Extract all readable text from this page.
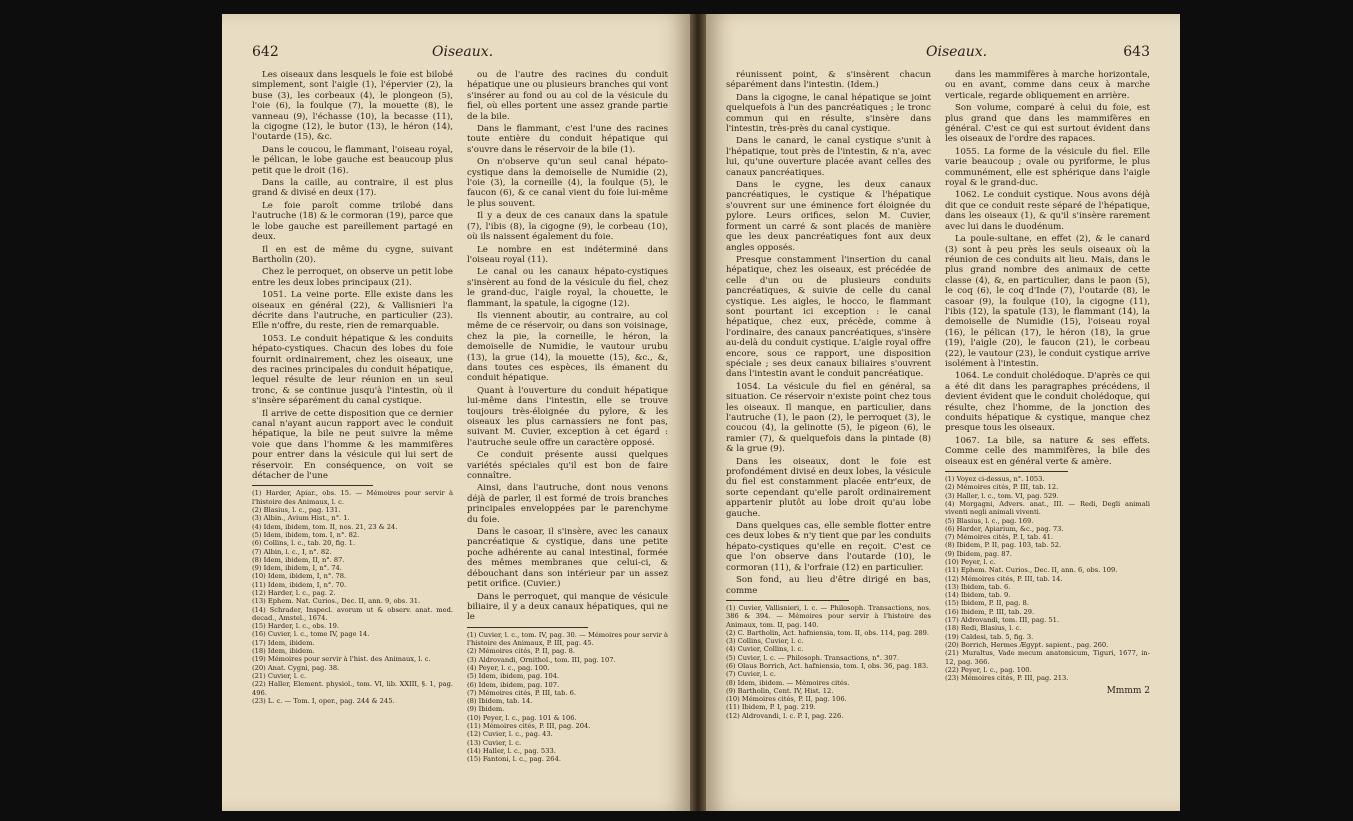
642	Oiseaux.

Les oiseaux dans lesquels le foie est bilobé simplement, sont l'aigle (1), l'épervier (2), la buse (3), les corbeaux (4), le plongeon (5), l'oie (6), la foulque (7), la mouette (8), le vanneau (9), l'échasse (10), la becasse (11), la cigogne (12), le butor (13), le héron (14), l'outarde (15), &c.

Dans le coucou, le flammant, l'oiseau royal, le pélican, le lobe gauche est beaucoup plus petit que le droit (16).

Dans la caille, au contraire, il est plus grand & divisé en deux (17).

Le foie paroît comme trilobé dans l'autruche (18) & le cormoran (19), parce que le lobe gauche est pareillement partagé en deux.

Il en est de même du cygne, suivant Bartholin (20).

Chez le perroquet, on observe un petit lobe entre les deux lobes principaux (21).

1051. La veine porte. Elle existe dans les oiseaux en général (22), & Vallisnieri l'a décrite dans l'autruche, en particulier (23). Elle n'offre, du reste, rien de remarquable.

1053. Le conduit hépatique & les conduits hépato-cystiques. Chacun des lobes du foie fournit ordinairement, chez les oiseaux, une des racines principales du conduit hépatique, lequel résulte de leur réunion en un seul tronc, & se continue jusqu'à l'intestin, où il s'insère séparément du canal cystique.

Il arrive de cette disposition que ce dernier canal n'ayant aucun rapport avec le conduit hépatique, la bile ne peut suivre la même voie que dans l'homme & les mammifères pour entrer dans la vésicule qui lui sert de réservoir. En conséquence, on voit se détacher de l'une

(1) Harder, Apiar., obs. 15. — Mémoires pour servir à l'histoire des Animaux, l. c.
(2) Blasius, l. c., pag. 131.
(3) Albin., Avium Hist., n°. 1.
(4) Idem, ibidem, tom. II, nos. 21, 23 & 24.
(5) Idem, ibidem, tom. I, n°. 82.
(6) Collins, l. c., tab. 20, fig. 1.
(7) Albin, l. c., I, n°. 82.
(8) Idem, ibidem, II, n°. 87.
(9) Idem, ibidem, I, n°. 74.
(10) Idem, ibidem, I, n°. 78.
(11) Idem, ibidem, I, n°. 70.
(12) Harder, l. c., pag. 2.
(13) Ephem. Nat. Curios., Dec. II, ann. 9, obs. 31.
(14) Schrader, Inspecl. avorum ut & observ. anat. med. decad., Amstel., 1674.
(15) Harder, l. c., obs. 19.
(16) Cuvier, l. c., tome IV, page 14.
(17) Idem, ibidem.
(18) Idem, ibidem.
(19) Mémoires pour servir à l'hist. des Animaux, l. c.
(20) Anat. Cygni, pag. 38.
(21) Cuvier, l. c.
(22) Haller, Element. physiol., tom. VI, lib. XXIII, §. 1, pag. 496.
(23) L. c. — Tom. I, oper., pag. 244 & 245.

ou de l'autre des racines du conduit hépatique une ou plusieurs branches qui vont s'insérer au fond ou au col de la vésicule du fiel, où elles portent une assez grande partie de la bile.

Dans le flammant, c'est l'une des racines toute entière du conduit hépatique qui s'ouvre dans le réservoir de la bile (1).

On n'observe qu'un seul canal hépato-cystique dans la demoiselle de Numidie (2), l'oie (3), la corneille (4), la foulque (5), le faucon (6), & ce canal vient du foie lui-même le plus souvent.

Il y a deux de ces canaux dans la spatule (7), l'ibis (8), la cigogne (9), le corbeau (10), où ils naissent également du foie.

Le nombre en est indéterminé dans l'oiseau royal (11).

Le canal ou les canaux hépato-cystiques s'insèrent au fond de la vésicule du fiel, chez le grand-duc, l'aigle royal, la chouette, le flammant, la spatule, la cigogne (12).

Ils viennent aboutir, au contraire, au col même de ce réservoir, ou dans son voisinage, chez la pie, la corneille, le héron, la demoiselle de Numidie, le vautour urubu (13), la grue (14), la mouette (15), &c., &, dans toutes ces espèces, ils émanent du conduit hépatique.

Quant à l'ouverture du conduit hépatique lui-même dans l'intestin, elle se trouve toujours très-éloignée du pylore, & les oiseaux les plus carnassiers ne font pas, suivant M. Cuvier, exception à cet égard : l'autruche seule offre un caractère opposé.

Ce conduit présente aussi quelques variétés spéciales qu'il est bon de faire connaître.

Ainsi, dans l'autruche, dont nous venons déjà de parler, il est formé de trois branches principales enveloppées par le parenchyme du foie.

Dans le casoar, il s'insère, avec les canaux pancréatique & cystique, dans une petite poche adhérente au canal intestinal, formée des mêmes membranes que celui-ci, & débouchant dans son intérieur par un assez petit orifice. (Cuvier.)

Dans le perroquet, qui manque de vésicule biliaire, il y a deux canaux hépatiques, qui ne le

(1) Cuvier, l. c., tom. IV, pag. 30. — Mémoires pour servir à l'histoire des Animaux, P. III, pag. 45.
(2) Mémoires cités, P. II, pag. 8.
(3) Aldrovandi, Ornithol., tom. III, pag. 107.
(4) Peyer, l. c., pag. 100.
(5) Idem, ibidem, pag. 104.
(6) Idem, ibidem, pag. 107.
(7) Mémoires cités, P. III, tab. 6.
(8) Ibidem, tab. 14.
(9) Ibidem.
(10) Peyer, l. c., pag. 101 & 106.
(11) Mémoires cités, P. III, pag. 204.
(12) Cuvier, l. c., pag. 43.
(13) Cuvier, l. c.
(14) Haller, l. c., pag. 533.
(15) Fantoni, l. c., pag. 264.
Oiseaux.	643

réunissent point, & s'insèrent chacun séparément dans l'intestin. (Idem.)

Dans la cigogne, le canal hépatique se joint quelquefois à l'un des pancréatiques ; le tronc commun qui en résulte, s'insère dans l'intestin, très-près du canal cystique.

Dans le canard, le canal cystique s'unit à l'hépatique, tout près de l'intestin, & n'a, avec lui, qu'une ouverture placée avant celles des canaux pancréatiques.

Dans le cygne, les deux canaux pancréatiques, le cystique & l'hépatique s'ouvrent sur une éminence fort éloignée du pylore. Leurs orifices, selon M. Cuvier, forment un carré & sont placés de manière que les deux pancréatiques font aux deux angles opposés.

Presque constamment l'insertion du canal hépatique, chez les oiseaux, est précédée de celle d'un ou de plusieurs conduits pancréatiques, & suivie de celle du canal cystique. Les aigles, le hocco, le flammant sont pourtant ici exception : le canal hépatique, chez eux, précède, comme à l'ordinaire, des canaux pancréatiques, s'insère au-delà du conduit cystique. L'aigle royal offre encore, sous ce rapport, une disposition spéciale ; ses deux canaux biliaires s'ouvrent dans l'intestin avant le conduit pancréatique.

1054. La vésicule du fiel en général, sa situation. Ce réservoir n'existe point chez tous les oiseaux. Il manque, en particulier, dans l'autruche (1), le paon (2), le perroquet (3), le coucou (4), la gelinotte (5), le pigeon (6), le ramier (7), & quelquefois dans la pintade (8) & la grue (9).

Dans les oiseaux, dont le foie est profondément divisé en deux lobes, la vésicule du fiel est constamment placée entr'eux, de sorte cependant qu'elle paroît ordinairement appartenir plutôt au lobe droit qu'au lobe gauche.

Dans quelques cas, elle semble flotter entre ces deux lobes & n'y tient que par les conduits hépato-cystiques qu'elle en reçoit. C'est ce que l'on observe dans l'outarde (10), le cormoran (11), & l'orfraie (12) en particulier.

Son fond, au lieu d'être dirigé en bas, comme

(1) Cuvier, Vallisnieri, l. c. — Philosoph. Transactions, nos. 386 & 394. — Mémoires pour servir à l'histoire des Animaux, tom. II, pag. 140.
(2) C. Bartholin, Act. hafniensia, tom. II, obs. 114, pag. 289.
(3) Collins, Cuvier, l. c.
(4) Cuvier, Collins, l. c.
(5) Cuvier, l. c. — Philosoph. Transactions, n°. 307.
(6) Olaus Borrich, Act. hafniensia, tom. I, obs. 36, pag. 183.
(7) Cuvier, l. c.
(8) Idem, ibidem. — Mémoires cités.
(9) Bartholin, Cent. IV, Hist. 12.
(10) Mémoires cités, P. II, pag. 106.
(11) Ibidem, P. I, pag. 219.
(12) Aldrovandi, l. c. P. I, pag. 226.

dans les mammifères à marche horizontale, ou en avant, comme dans ceux à marche verticale, regarde obliquement en arrière.

Son volume, comparé à celui du foie, est plus grand que dans les mammifères en général. C'est ce qui est surtout évident dans les oiseaux de l'ordre des rapaces.

1055. La forme de la vésicule du fiel. Elle varie beaucoup ; ovale ou pyriforme, le plus communément, elle est sphérique dans l'aigle royal & le grand-duc.

1062. Le conduit cystique. Nous avons déjà dit que ce conduit reste séparé de l'hépatique, dans les oiseaux (1), & qu'il s'insère rarement avec lui dans le duodénum.

La poule-sultane, en effet (2), & le canard (3) sont à peu près les seuls oiseaux où la réunion de ces conduits ait lieu. Mais, dans le plus grand nombre des animaux de cette classe (4), &, en particulier, dans le paon (5), le coq (6), le coq d'Inde (7), l'outarde (8), le casoar (9), la foulque (10), la cigogne (11), l'ibis (12), la spatule (13), le flammant (14), la demoiselle de Numidie (15), l'oiseau royal (16), le pélican (17), le héron (18), la grue (19), l'aigle (20), le faucon (21), le corbeau (22), le vautour (23), le conduit cystique arrive isolément à l'intestin.

1064. Le conduit cholédoque. D'après ce qui a été dit dans les paragraphes précédens, il devient évident que le conduit cholédoque, qui résulte, chez l'homme, de la jonction des conduits hépatique & cystique, manque chez presque tous les oiseaux.

1067. La bile, sa nature & ses effets. Comme celle des mammifères, la bile des oiseaux est en général verte & amère.

(1) Voyez ci-dessus, n°. 1053.
(2) Mémoires cités, P. III, tab. 12.
(3) Haller, l. c., tom. VI, pag. 529.
(4) Morgagni, Advers. anat., III. — Redi, Degli animali viventi negli animali viventi.
(5) Blasius, l. c., pag. 169.
(6) Harder, Apiarium, &c., pag. 73.
(7) Mémoires cités, P. I, tab. 41.
(8) Ibidem, P. II, pag. 103, tab. 52.
(9) Ibidem, pag. 87.
(10) Peyer, l. c.
(11) Ephem. Nat. Curios., Dec. II, ann. 6, obs. 109.
(12) Mémoires cités, P. III, tab. 14.
(13) Ibidem, tab. 6.
(14) Ibidem, tab. 9.
(15) Ibidem, P. II, pag. 8.
(16) Ibidem, P. III, tab. 29.
(17) Aldrovandi, tom. III, pag. 51.
(18) Redi, Blasius, l. c.
(19) Caldesi, tab. 5, fig. 3.
(20) Borrich, Hermes Ægypt. sapient., pag. 260.
(21) Muraltus, Vade mecum anatomicum, Tiguri, 1677, in-12, pag. 366.
(22) Peyer, l. c., pag. 100.
(23) Mémoires cités, P. III, pag. 213.
Mmmm 2
